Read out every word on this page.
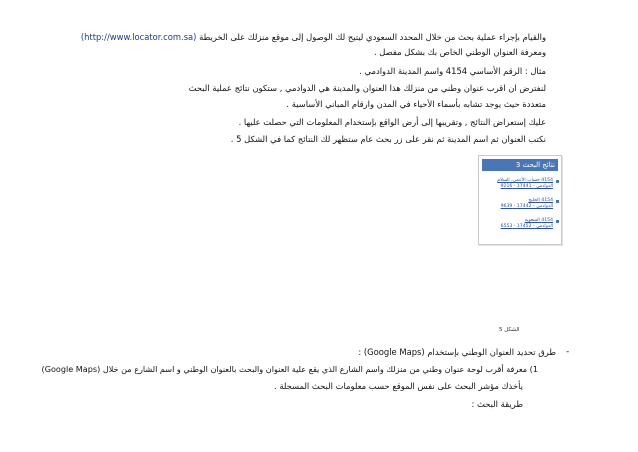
والقيام بإجراء عملية بحث من خلال المحدد السعودي ليتيح لك الوصول إلى موقع منزلك على الخريطة (http://www.locator.com.sa)
ومعرفة العنوان الوطني الخاص بك بشكل مفصل .
مثال : الرقم الأساسي 4154 واسم المدينة الدوادمي .
لنفترض ان اقرب عنوان وطني من منزلك هذا العنوان والمدينة هي الدوادمي , ستكون نتائج عملية البحث
متعددة حيث يوجد تشابه بأسماء الأحياء في المدن وارقام المباني الأساسية .
عليك إستعراض النتائج , وتقريبها إلى أرض الواقع بإستخدام المعلومات التي حصلت عليها .
نكتب العنوان ثم اسم المدينة ثم نقر على زر بحث عام ستظهر لك النتائج كما في الشكل 5 .
نتائج البحث 3
4154 حساب الأعمى، السلام
الدوادمي - 17441 - 9216
4154 الخليج
الدوادمي - 17442 - 9639
4154 السعوية
الدوادمي - 17452 - 6553
الشكل 5
-
طرق تحديد العنوان الوطني بإستخدام (Google Maps) :
1) معرفة أقرب لوحة عنوان وطني من منزلك واسم الشارع الذي يقع علية العنوان والبحث بالعنوان الوطني و اسم الشارع من خلال (Google Maps)
يأخذك مؤشر البحث على نفس الموقع حسب معلومات البحث المسجلة .
طريقة البحث :
